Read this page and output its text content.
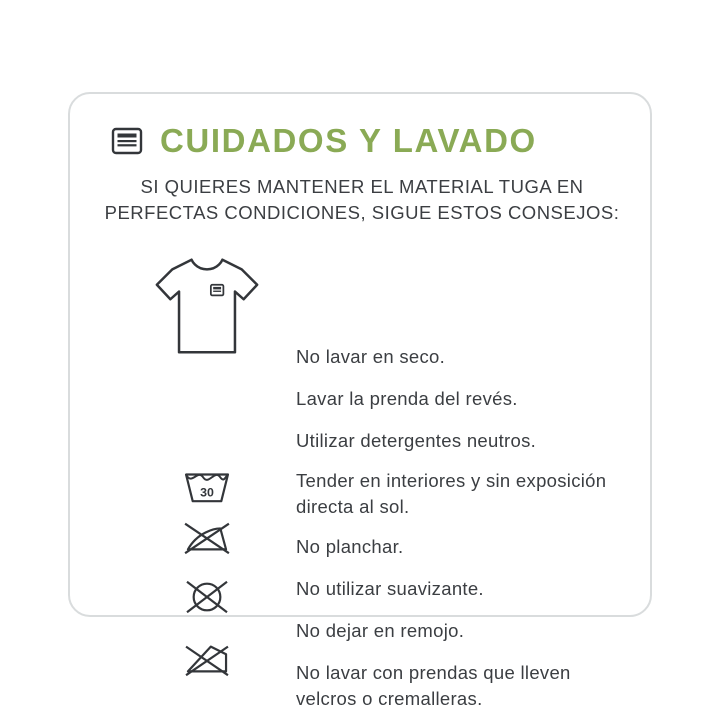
CUIDADOS Y LAVADO
SI QUIERES MANTENER EL MATERIAL TUGA EN
PERFECTAS CONDICIONES, SIGUE ESTOS CONSEJOS:
30
No lavar en seco.
Lavar la prenda del revés.
Utilizar detergentes neutros.
Tender en interiores y sin exposición
directa al sol.
No planchar.
No utilizar suavizante.
No dejar en remojo.
No lavar con prendas que lleven
velcros o cremalleras.
